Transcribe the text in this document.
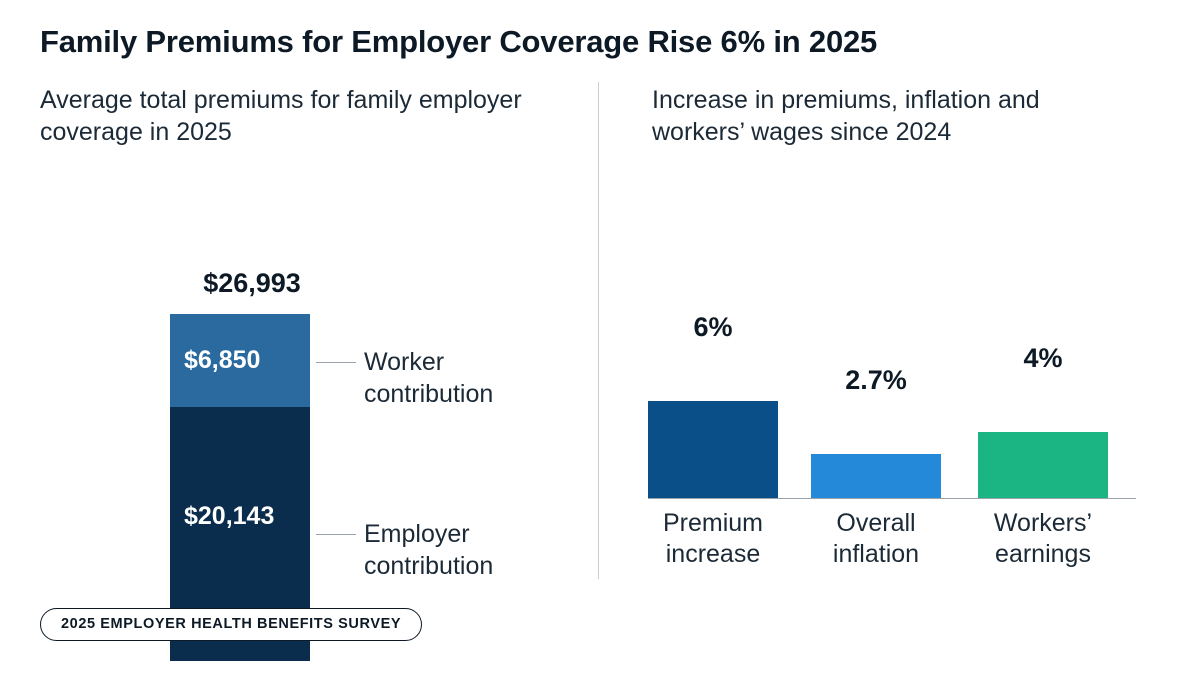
Family Premiums for Employer Coverage Rise 6% in 2025
Average total premiums for family employer coverage in 2025
$26,993
$6,850
$20,143
Worker contribution
Employer contribution
Increase in premiums, inflation and workers’ wages since 2024
6%
Premium increase
2.7%
Overall inflation
4%
Workers’ earnings
2025 EMPLOYER HEALTH BENEFITS SURVEY
